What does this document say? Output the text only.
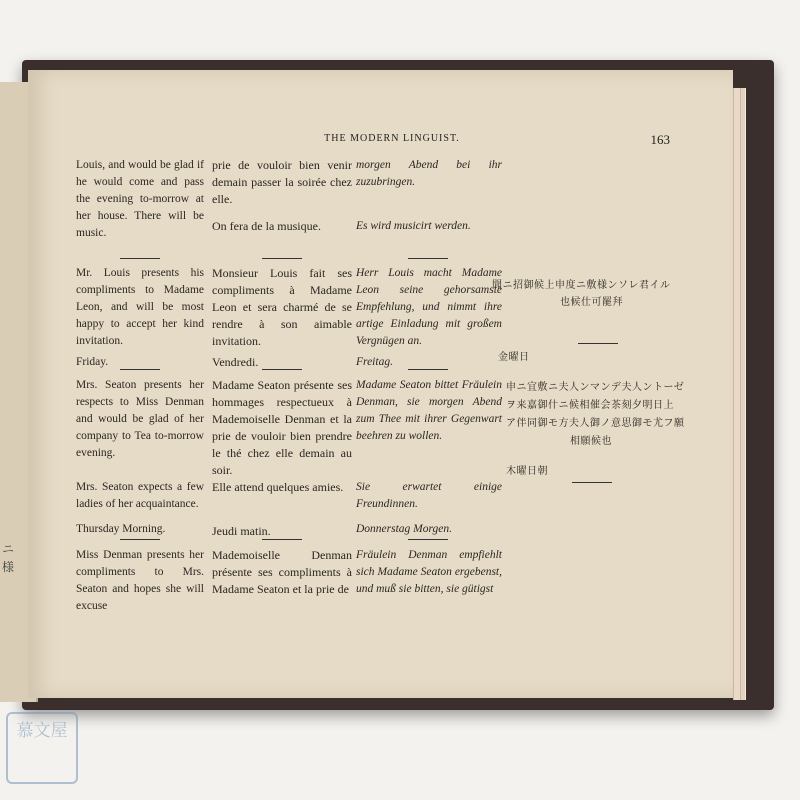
ニ
様
THE MODERN LINGUIST.	163

Louis, and would be glad if he would come and pass the evening to-morrow at her house. There will be music.

Mr. Louis presents his compliments to Madame Leon, and will be most happy to accept her kind invitation.

Friday.

Mrs. Seaton presents her respects to Miss Denman and would be glad of her company to Tea to-morrow evening.

Mrs. Seaton expects a few ladies of her acquaintance.

Thursday Morning.

Miss Denman presents her compliments to Mrs. Seaton and hopes she will excuse

prie de vouloir bien venir demain passer la soirée chez elle.

On fera de la musique.

Monsieur Louis fait ses compliments à Madame Leon et sera charmé de se rendre à son aimable invitation.

Vendredi.

Madame Seaton présente ses hommages respectueux à Mademoiselle Denman et la prie de vouloir bien prendre le thé chez elle demain au soir.

Elle attend quelques amies.

Jeudi matin.

Mademoiselle Denman présente ses compliments à Madame Seaton et la prie de

morgen Abend bei ihr zuzubringen.

Es wird musicirt werden.

Herr Louis macht Madame Leon seine gehorsamste Empfehlung, und nimmt ihre artige Einladung mit großem Vergnügen an.

Freitag.

Madame Seaton bittet Fräulein Denman, sie morgen Abend zum Thee mit ihrer Gegenwart beehren zu wollen.

Sie erwartet einige Freundinnen.

Donnerstag Morgen.

Fräulein Denman empfiehlt sich Madame Seaton ergebenst, und muß sie bitten, sie gütigst

聞ニ招御候上申度ニ敷様ンソレ君イル
也候仕可罷拜
金曜日
申ニ宜敷ニ夫人ンマンデ夫人ントーゼ
ヲ来嘉御什ニ候相催会茶刻夕明日上
ア伴同御モ方夫人御ノ意思御モ尤フ願
相願候也
木曜日朝
慕文屋
